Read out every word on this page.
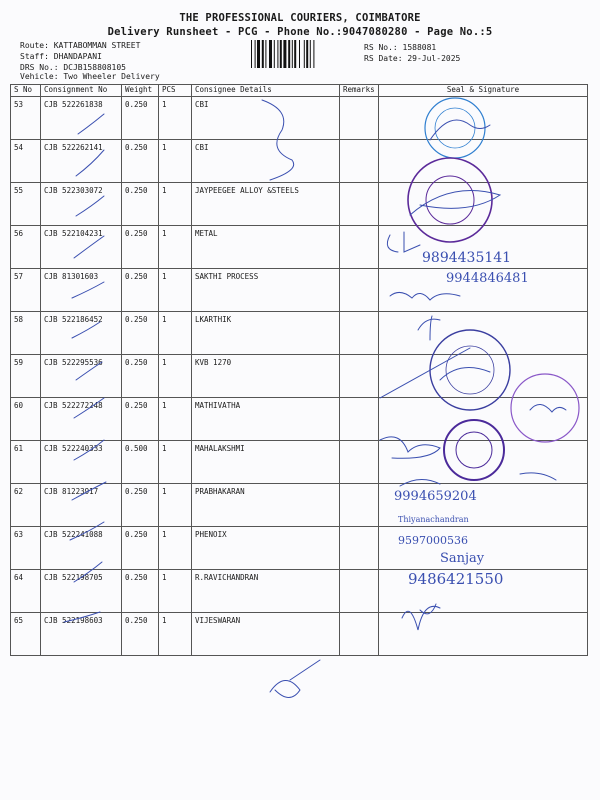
THE PROFESSIONAL COURIERS, COIMBATORE
Delivery Runsheet - PCG - Phone No.:9047080280 - Page No.:5
Route: KATTABOMMAN STREET
Staff: DHANDAPANI
DRS No.: DCJB158808105
Vehicle: Two Wheeler Delivery
RS No.: 1588081
RS Date: 29-Jul-2025
S No	Consignment No	Weight	PCS	Consignee Details	Remarks	Seal & Signature
53	CJB 522261838	0.250	1	CBI		
54	CJB 522262141	0.250	1	CBI		
55	CJB 522303072	0.250	1	JAYPEEGEE ALLOY &STEELS		
56	CJB 522104231	0.250	1	METAL		
57	CJB 81301603	0.250	1	SAKTHI PROCESS		
58	CJB 522186452	0.250	1	LKARTHIK		
59	CJB 522295536	0.250	1	KVB 1270		
60	CJB 522272248	0.250	1	MATHIVATHA		
61	CJB 522240333	0.500	1	MAHALAKSHMI		
62	CJB 81223917	0.250	1	PRABHAKARAN		
63	CJB 522241088	0.250	1	PHENOIX		
64	CJB 522198705	0.250	1	R.RAVICHANDRAN		
65	CJB 522198603	0.250	1	VIJESWARAN		
9894435141
9944846481
9994659204
Thiyanachandran
9597000536
Sanjay
9486421550
